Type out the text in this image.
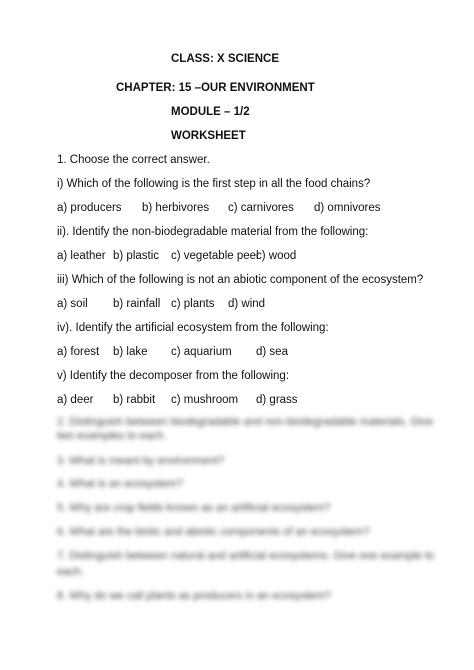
CLASS: X SCIENCE
CHAPTER: 15 –OUR ENVIRONMENT
MODULE – 1/2
WORKSHEET
1. Choose the correct answer.
i) Which of the following is the first step in all the food chains?
a) producers b) herbivores c) carnivores d) omnivores
ii). Identify the non-biodegradable material from the following:
a) leather b) plastic c) vegetable peel
c) wood
iii) Which of the following is not an abiotic component of the ecosystem?
a) soil b) rainfall c) plants d) wind
iv). Identify the artificial ecosystem from the following:
a) forest b) lake c) aquarium d) sea
v) Identify the decomposer from the following:
a) deer b) rabbit c) mushroom d) grass
2. Distinguish between biodegradable and non-biodegradable materials. Give
two examples to each.
3. What is meant by environment?
4. What is an ecosystem?
5. Why are crop fields known as an artificial ecosystem?
6. What are the biotic and abiotic components of an ecosystem?
7. Distinguish between natural and artificial ecosystems. Give one example to
each.
8. Why do we call plants as producers in an ecosystem?
